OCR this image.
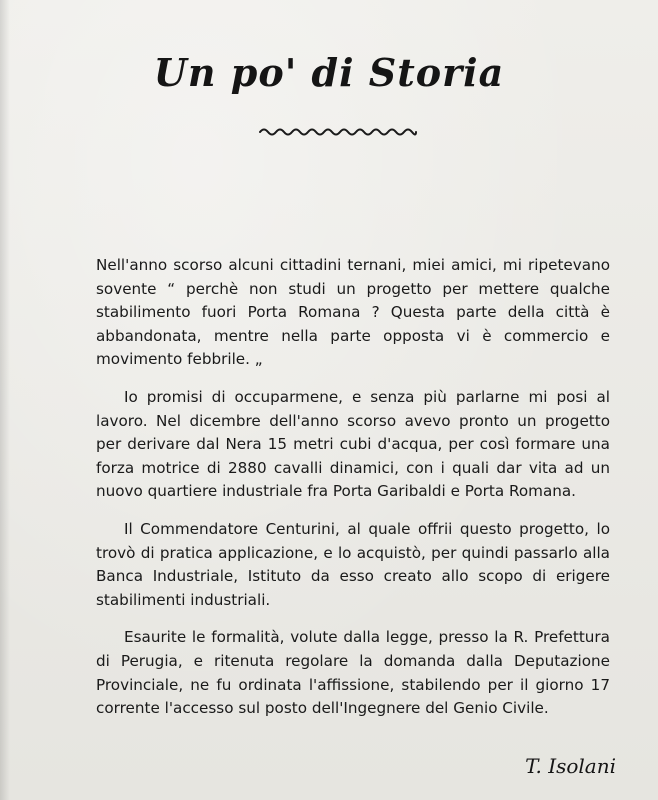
Un po' di Storia

Nell'anno scorso alcuni cittadini ternani, miei amici, mi ripetevano sovente “ perchè non studi un progetto per mettere qualche stabilimento fuori Porta Romana ? Questa parte della città è abbandonata, mentre nella parte opposta vi è commercio e movimento febbrile. „

Io promisi di occuparmene, e senza più parlarne mi posi al lavoro. Nel dicembre dell'anno scorso avevo pronto un progetto per derivare dal Nera 15 metri cubi d'acqua, per così formare una forza motrice di 2880 cavalli dinamici, con i quali dar vita ad un nuovo quartiere industriale fra Porta Garibaldi e Porta Romana.

Il Commendatore Centurini, al quale offrii questo progetto, lo trovò di pratica applicazione, e lo acquistò, per quindi passarlo alla Banca Industriale, Istituto da esso creato allo scopo di erigere stabilimenti industriali.

Esaurite le formalità, volute dalla legge, presso la R. Prefettura di Perugia, e ritenuta regolare la domanda dalla Deputazione Provinciale, ne fu ordinata l'affissione, stabilendo per il giorno 17 corrente l'accesso sul posto dell'Ingegnere del Genio Civile.

T. Isolani
